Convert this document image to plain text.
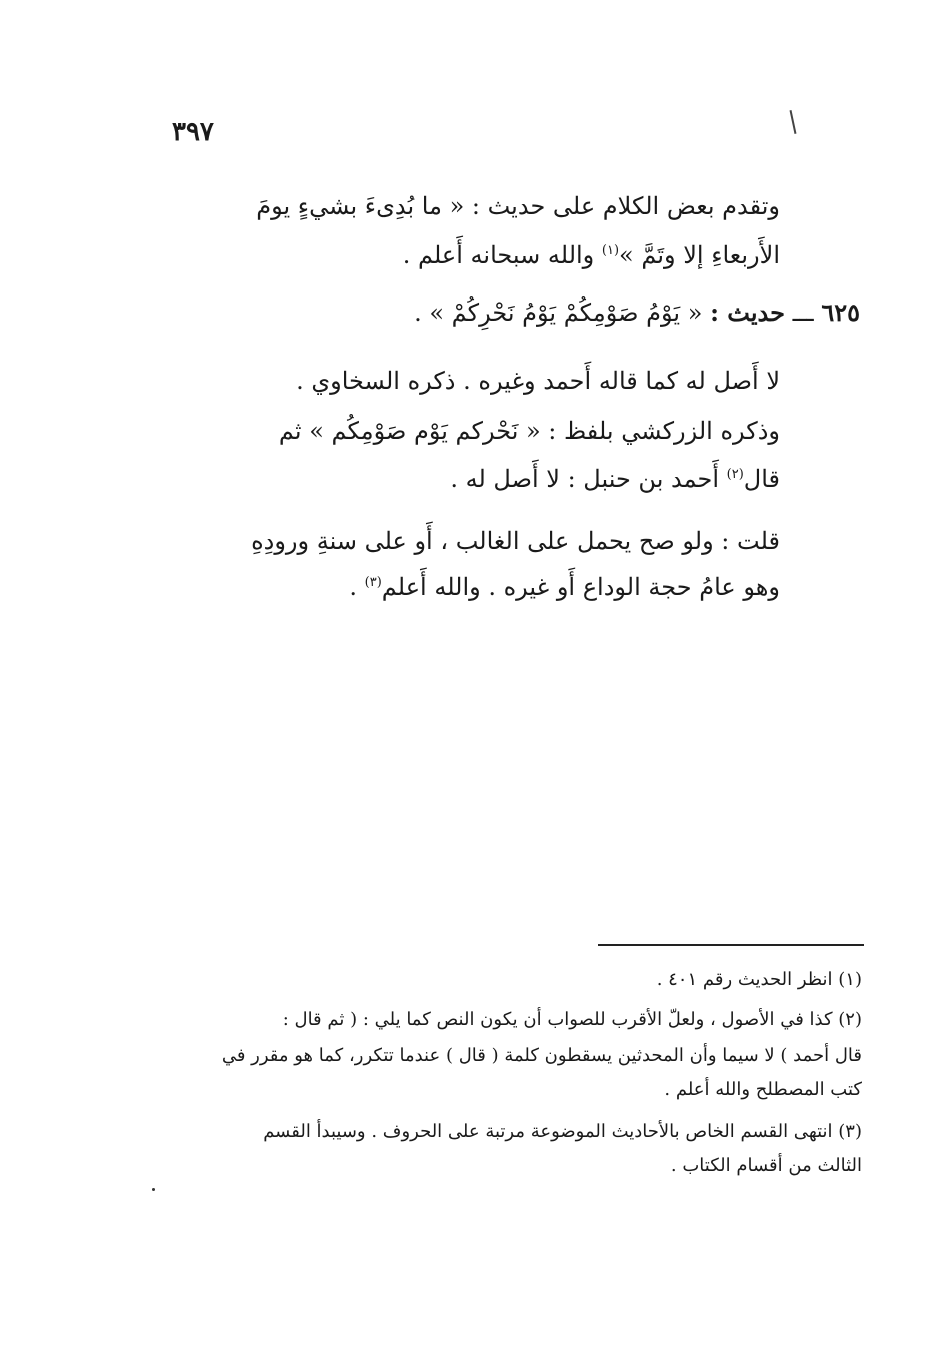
٣٩٧
وتقدم بعض الكلام على حديث : « ما بُدِىءَ بشيءٍ يومَ
الأَربعاءِ إلا وتَمَّ »$^{(١)}$ والله سبحانه أَعلم .
٦٢٥ ـــ حديث : « يَوْمُ صَوْمِكُمْ يَوْمُ نَحْرِكُمْ » .
لا أَصل له كما قاله أَحمد وغيره . ذكره السخاوي .
وذكره الزركشي بلفظ : « نَحْركم يَوْم صَوْمِكُم » ثم
قال$^{(٢)}$ أَحمد بن حنبل : لا أَصل له .
قلت : ولو صح يحمل على الغالب ، أَو على سنةِ ورودِهِ
وهو عامُ حجة الوداع أَو غيره . والله أَعلم$^{(٣)}$ .
(١) انظر الحديث رقم ٤٠١ .
(٢) كذا في الأصول ، ولعلّ الأقرب للصواب أن يكون النص كما يلي : ( ثم قال :
قال أحمد ) لا سيما وأن المحدثين يسقطون كلمة ( قال ) عندما تتكرر، كما هو مقرر في
كتب المصطلح والله أعلم .
(٣) انتهى القسم الخاص بالأحاديث الموضوعة مرتبة على الحروف . وسيبدأ القسم
الثالث من أقسام الكتاب .
